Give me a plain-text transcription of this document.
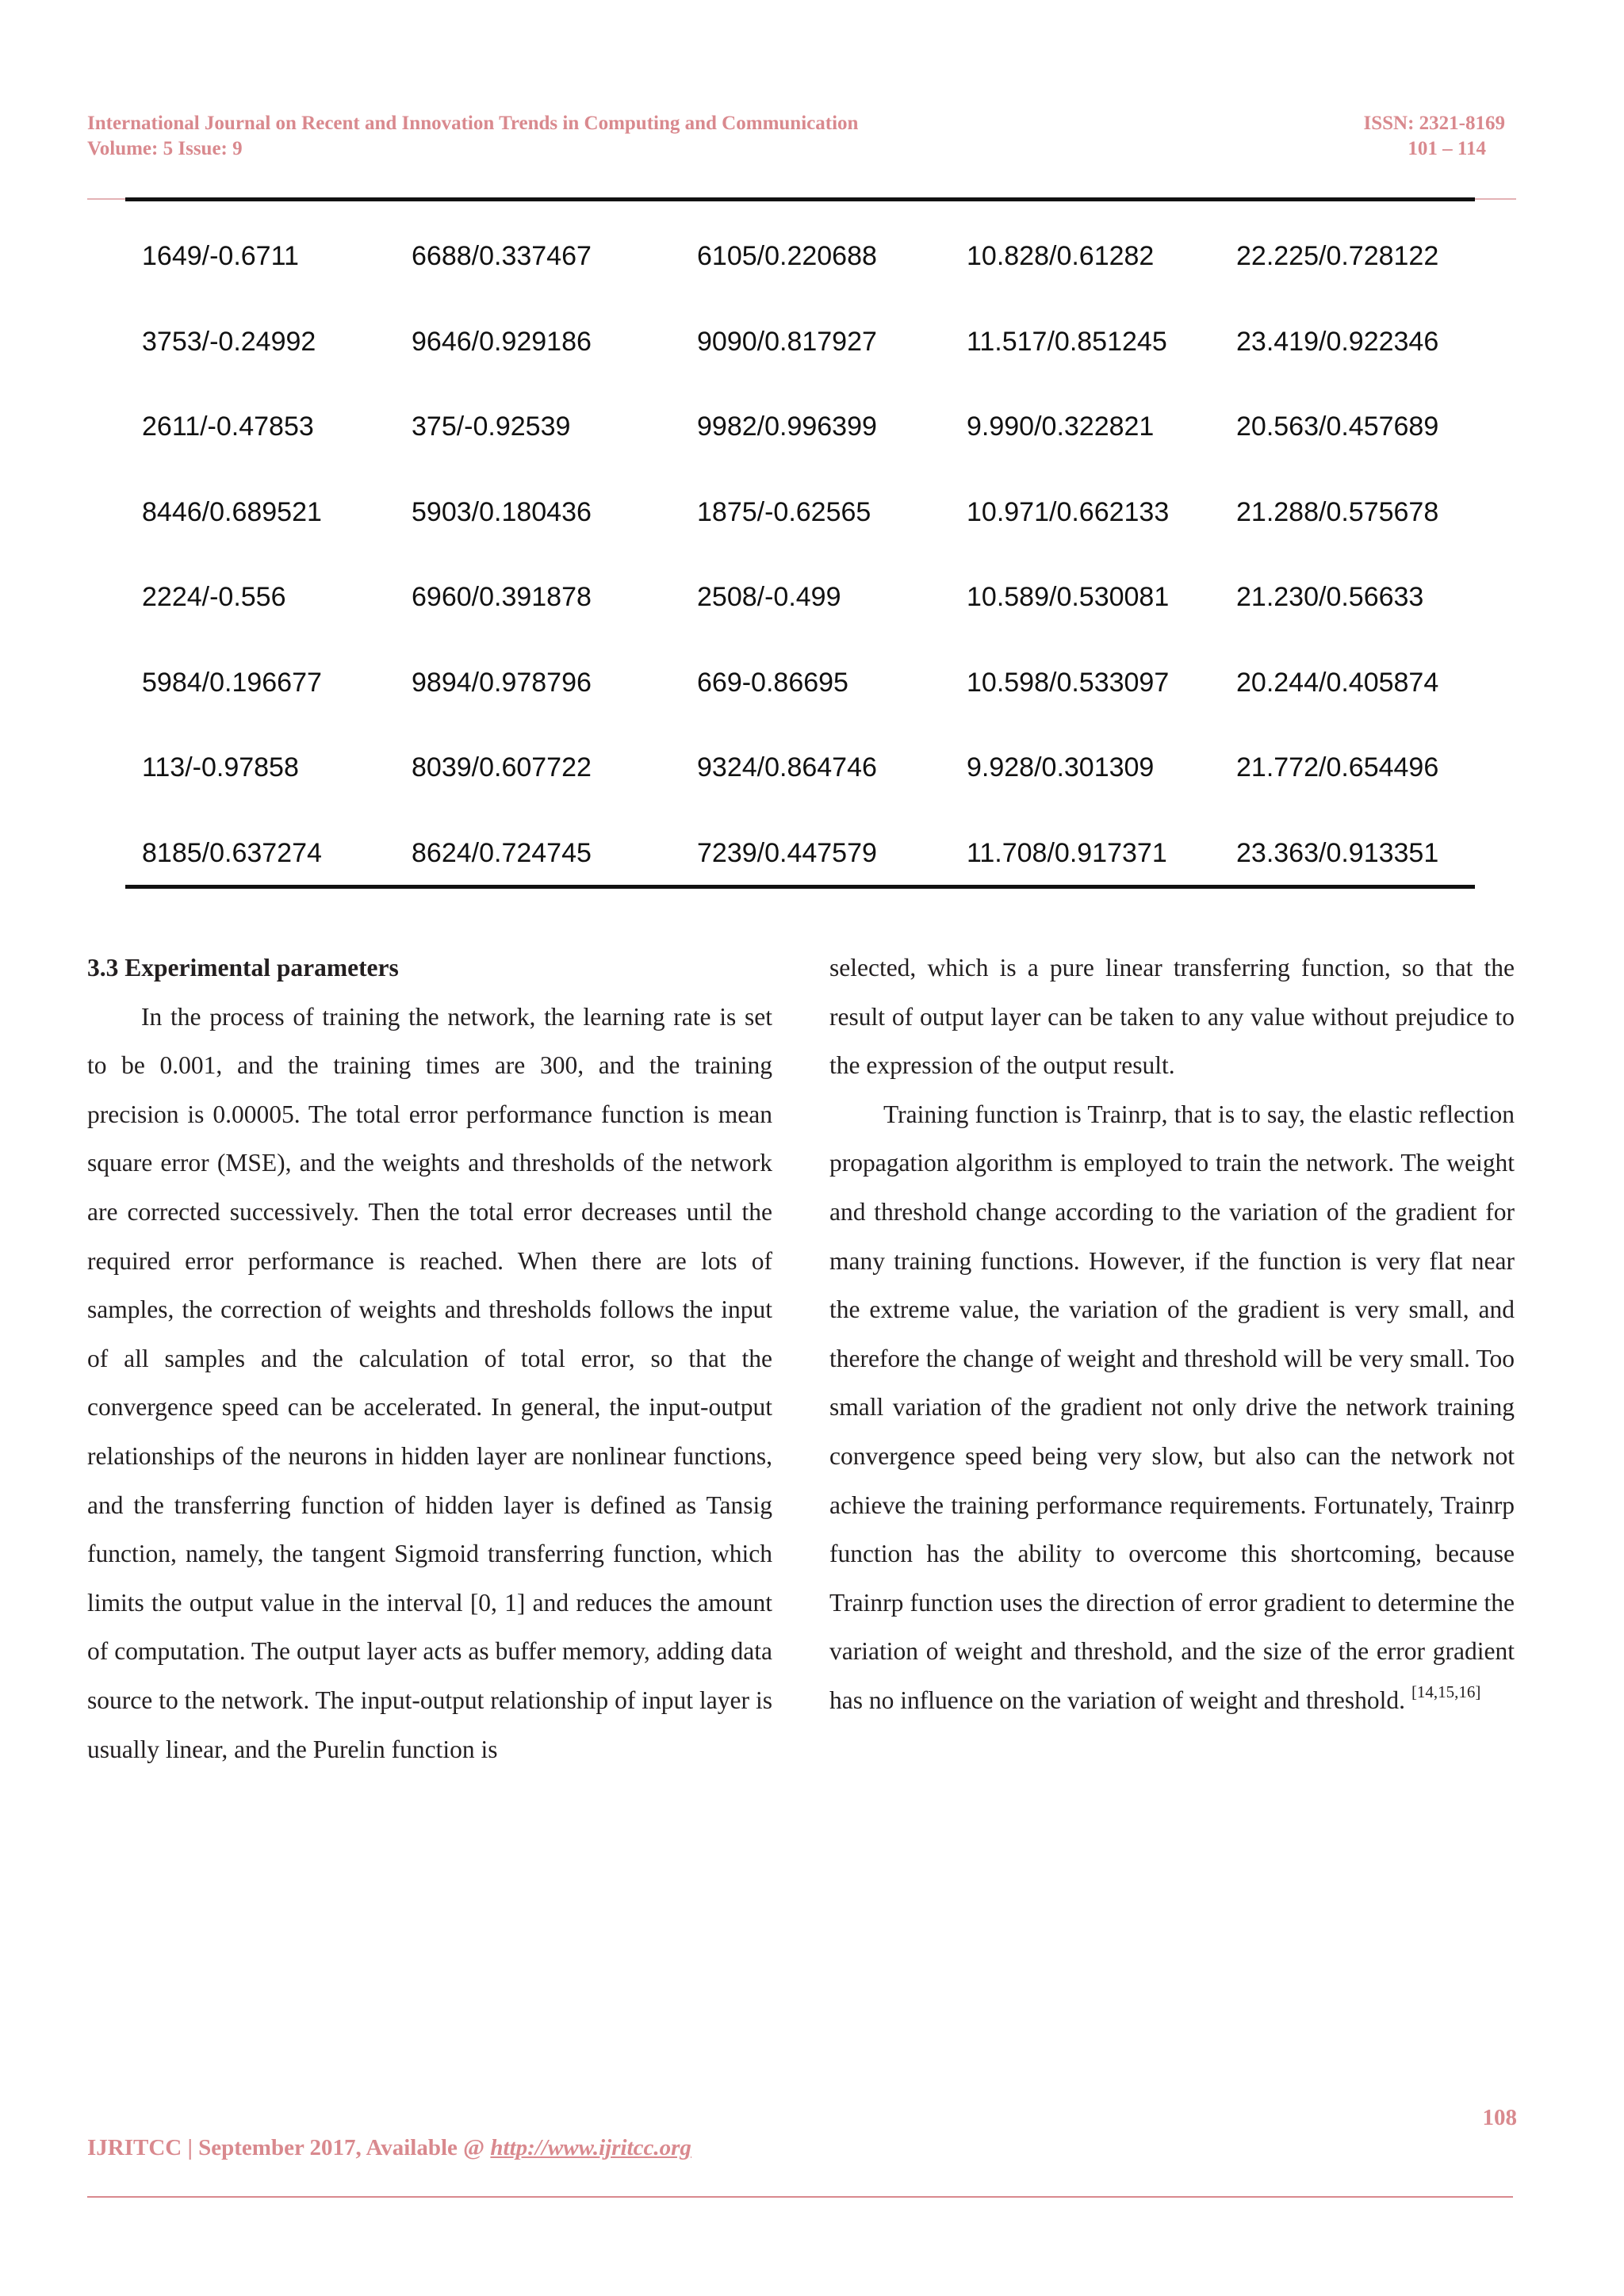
International Journal on Recent and Innovation Trends in Computing and Communication	ISSN: 2321-8169
Volume: 5 Issue: 9	101 – 114
1649/-0.6711	6688/0.337467	6105/0.220688	10.828/0.61282	22.225/0.728122
3753/-0.24992	9646/0.929186	9090/0.817927	11.517/0.851245	23.419/0.922346
2611/-0.47853	375/-0.92539	9982/0.996399	9.990/0.322821	20.563/0.457689
8446/0.689521	5903/0.180436	1875/-0.62565	10.971/0.662133	21.288/0.575678
2224/-0.556	6960/0.391878	2508/-0.499	10.589/0.530081	21.230/0.56633
5984/0.196677	9894/0.978796	669-0.86695	10.598/0.533097	20.244/0.405874
113/-0.97858	8039/0.607722	9324/0.864746	9.928/0.301309	21.772/0.654496
8185/0.637274	8624/0.724745	7239/0.447579	11.708/0.917371	23.363/0.913351

3.3 Experimental parameters

In the process of training the network, the learning rate is set to be 0.001, and the training times are 300, and the training precision is 0.00005. The total error performance function is mean square error (MSE), and the weights and thresholds of the network are corrected successively. Then the total error decreases until the required error performance is reached. When there are lots of samples, the correction of weights and thresholds follows the input of all samples and the calculation of total error, so that the convergence speed can be accelerated. In general, the input-output relationships of the neurons in hidden layer are nonlinear functions, and the transferring function of hidden layer is defined as Tansig function, namely, the tangent Sigmoid transferring function, which limits the output value in the interval [0, 1] and reduces the amount of computation. The output layer acts as buffer memory, adding data source to the network. The input-output relationship of input layer is usually linear, and the Purelin function is

selected, which is a pure linear transferring function, so that the result of output layer can be taken to any value without prejudice to the expression of the output result.

Training function is Trainrp, that is to say, the elastic reflection propagation algorithm is employed to train the network. The weight and threshold change according to the variation of the gradient for many training functions. However, if the function is very flat near the extreme value, the variation of the gradient is very small, and therefore the change of weight and threshold will be very small. Too small variation of the gradient not only drive the network training convergence speed being very slow, but also can the network not achieve the training performance requirements. Fortunately, Trainrp function has the ability to overcome this shortcoming, because Trainrp function uses the direction of error gradient to determine the variation of weight and threshold, and the size of the error gradient has no influence on the variation of weight and threshold. [14,15,16]

108
IJRITCC | September 2017, Available @ http://www.ijritcc.org
